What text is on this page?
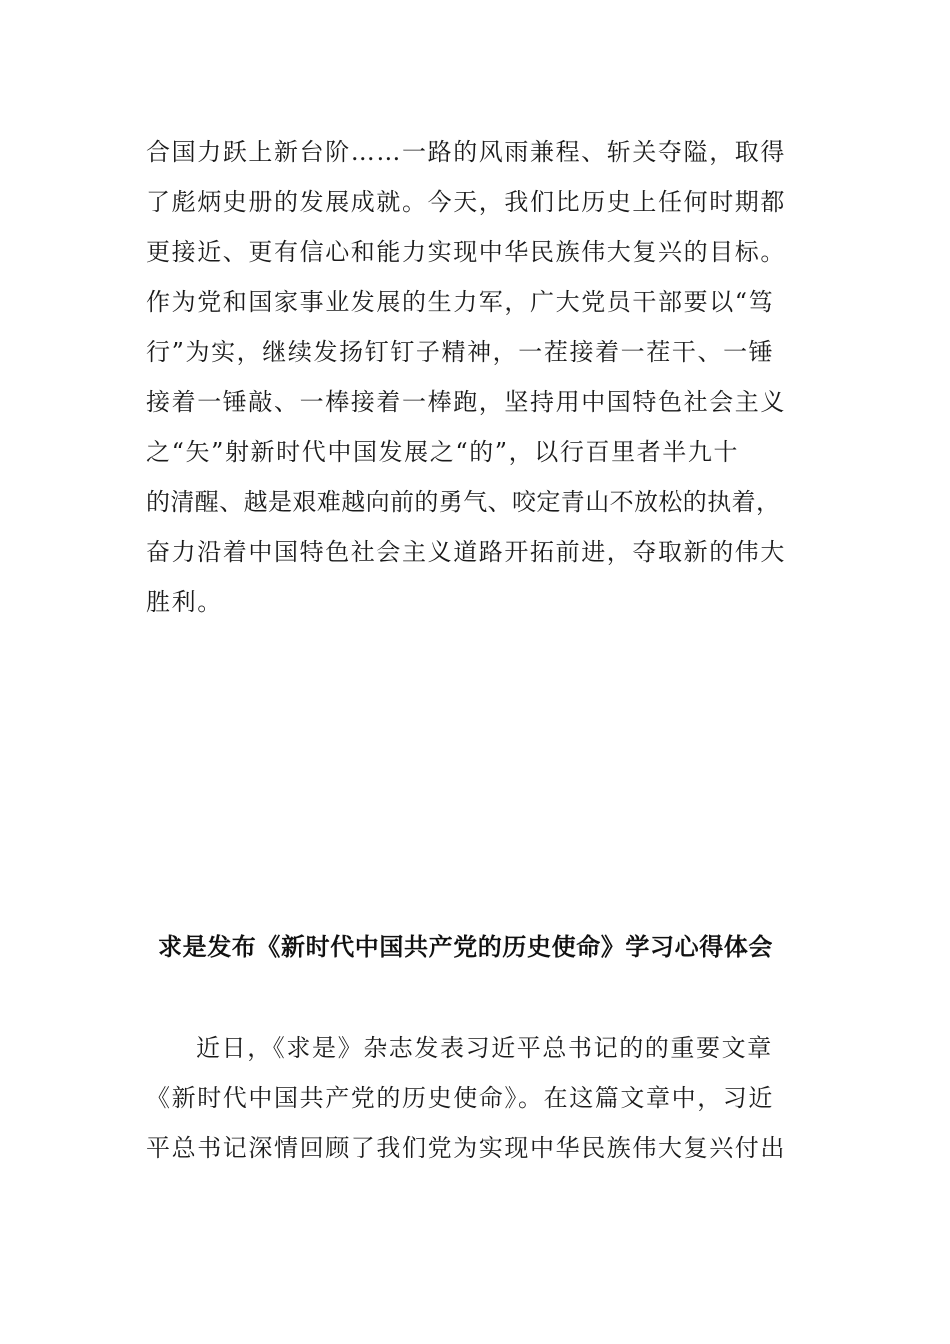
合国力跃上新台阶……一路的风雨兼程、斩关夺隘，取得
了彪炳史册的发展成就。今天，我们比历史上任何时期都
更接近、更有信心和能力实现中华民族伟大复兴的目标。
作为党和国家事业发展的生力军，广大党员干部要以“笃
行”为实，继续发扬钉钉子精神，一茬接着一茬干、一锤
接着一锤敲、一棒接着一棒跑，坚持用中国特色社会主义
之“矢”射新时代中国发展之“的”，以行百里者半九十
的清醒、越是艰难越向前的勇气、咬定青山不放松的执着，
奋力沿着中国特色社会主义道路开拓前进，夺取新的伟大
胜利。
求是发布《新时代中国共产党的历史使命》学习心得体会
近日，《求是》杂志发表习近平总书记的的重要文章
《新时代中国共产党的历史使命》。在这篇文章中，习近
平总书记深情回顾了我们党为实现中华民族伟大复兴付出
